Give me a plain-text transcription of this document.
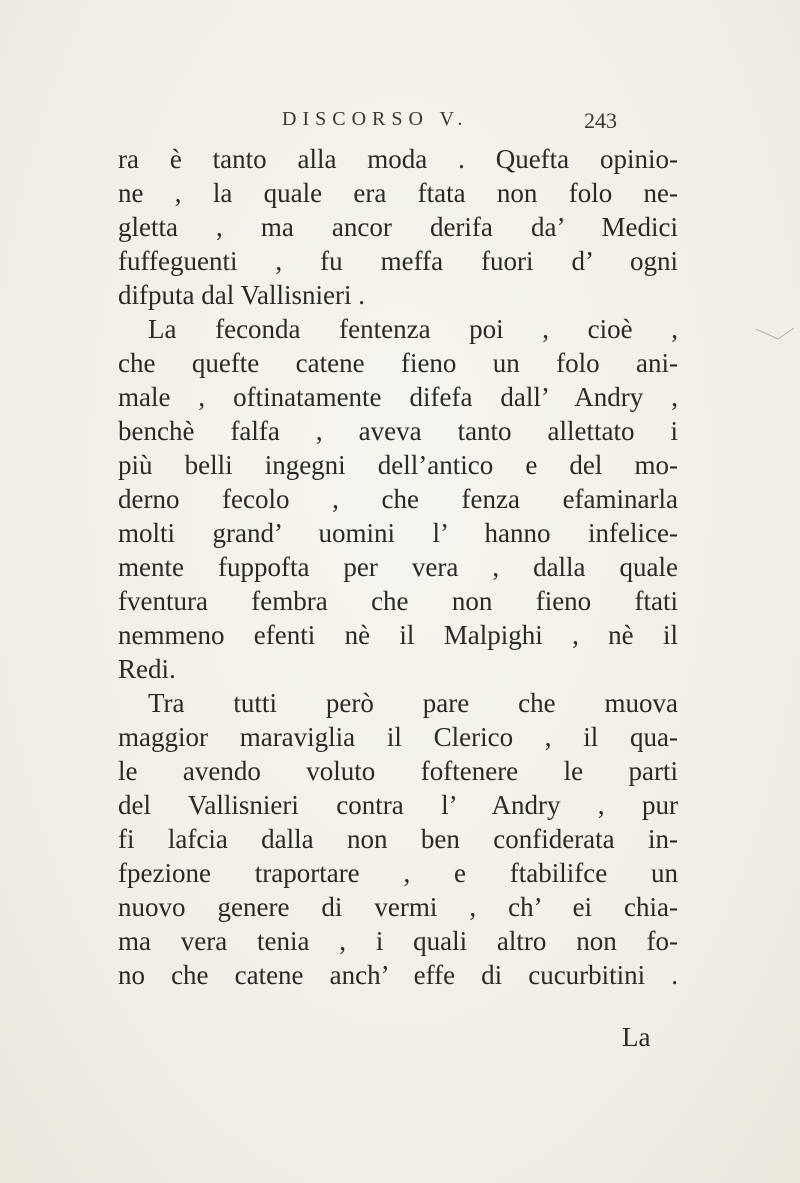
DISCORSO V.	243
ra è tanto alla moda . Quefta opinio-
ne , la quale era ftata non folo ne-
gletta , ma ancor derifa da’ Medici
fuffeguenti , fu meffa fuori d’ ogni
difputa dal Vallisnieri .
La feconda fentenza poi , cioè ,
che quefte catene fieno un folo ani-
male , oftinatamente difefa dall’ Andry ,
benchè falfa , aveva tanto allettato i
più belli ingegni dell’antico e del mo-
derno fecolo , che fenza efaminarla
molti grand’ uomini l’ hanno infelice-
mente fuppofta per vera , dalla quale
fventura fembra che non fieno ftati
nemmeno efenti nè il Malpighi , nè il
Redi.
Tra tutti però pare che muova
maggior maraviglia il Clerico , il qua-
le avendo voluto foftenere le parti
del Vallisnieri contra l’ Andry , pur
fi lafcia dalla non ben confiderata in-
fpezione traportare , e ftabilifce un
nuovo genere di vermi , ch’ ei chia-
ma vera tenia , i quali altro non fo-
no che catene anch’ effe di cucurbitini .
La
